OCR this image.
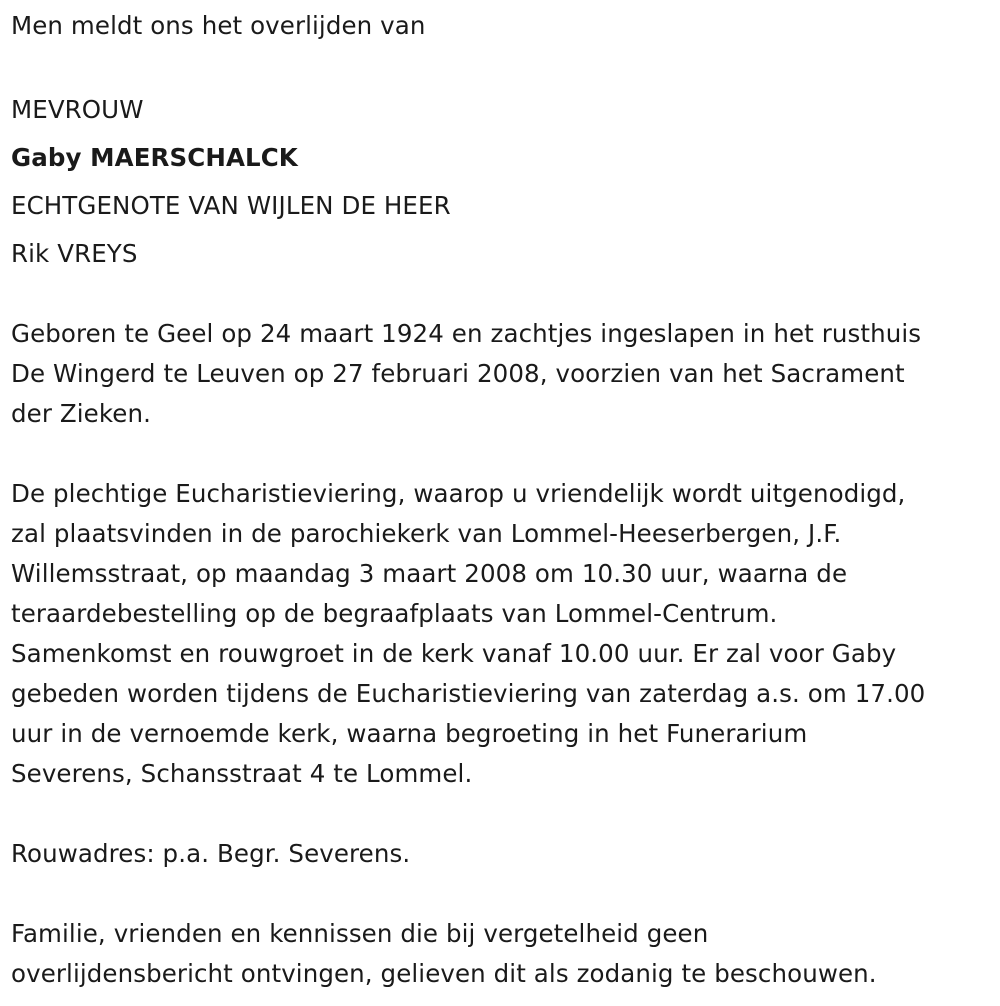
Men meldt ons het overlijden van
MEVROUW
Gaby MAERSCHALCK
ECHTGENOTE VAN WIJLEN DE HEER
Rik VREYS
Geboren te Geel op 24 maart 1924 en zachtjes ingeslapen in het rusthuis
De Wingerd te Leuven op 27 februari 2008, voorzien van het Sacrament
der Zieken.
De plechtige Eucharistieviering, waarop u vriendelijk wordt uitgenodigd,
zal plaatsvinden in de parochiekerk van Lommel-Heeserbergen, J.F.
Willemsstraat, op maandag 3 maart 2008 om 10.30 uur, waarna de
teraardebestelling op de begraafplaats van Lommel-Centrum.
Samenkomst en rouwgroet in de kerk vanaf 10.00 uur. Er zal voor Gaby
gebeden worden tijdens de Eucharistieviering van zaterdag a.s. om 17.00
uur in de vernoemde kerk, waarna begroeting in het Funerarium
Severens, Schansstraat 4 te Lommel.
Rouwadres: p.a. Begr. Severens.
Familie, vrienden en kennissen die bij vergetelheid geen
overlijdensbericht ontvingen, gelieven dit als zodanig te beschouwen.
